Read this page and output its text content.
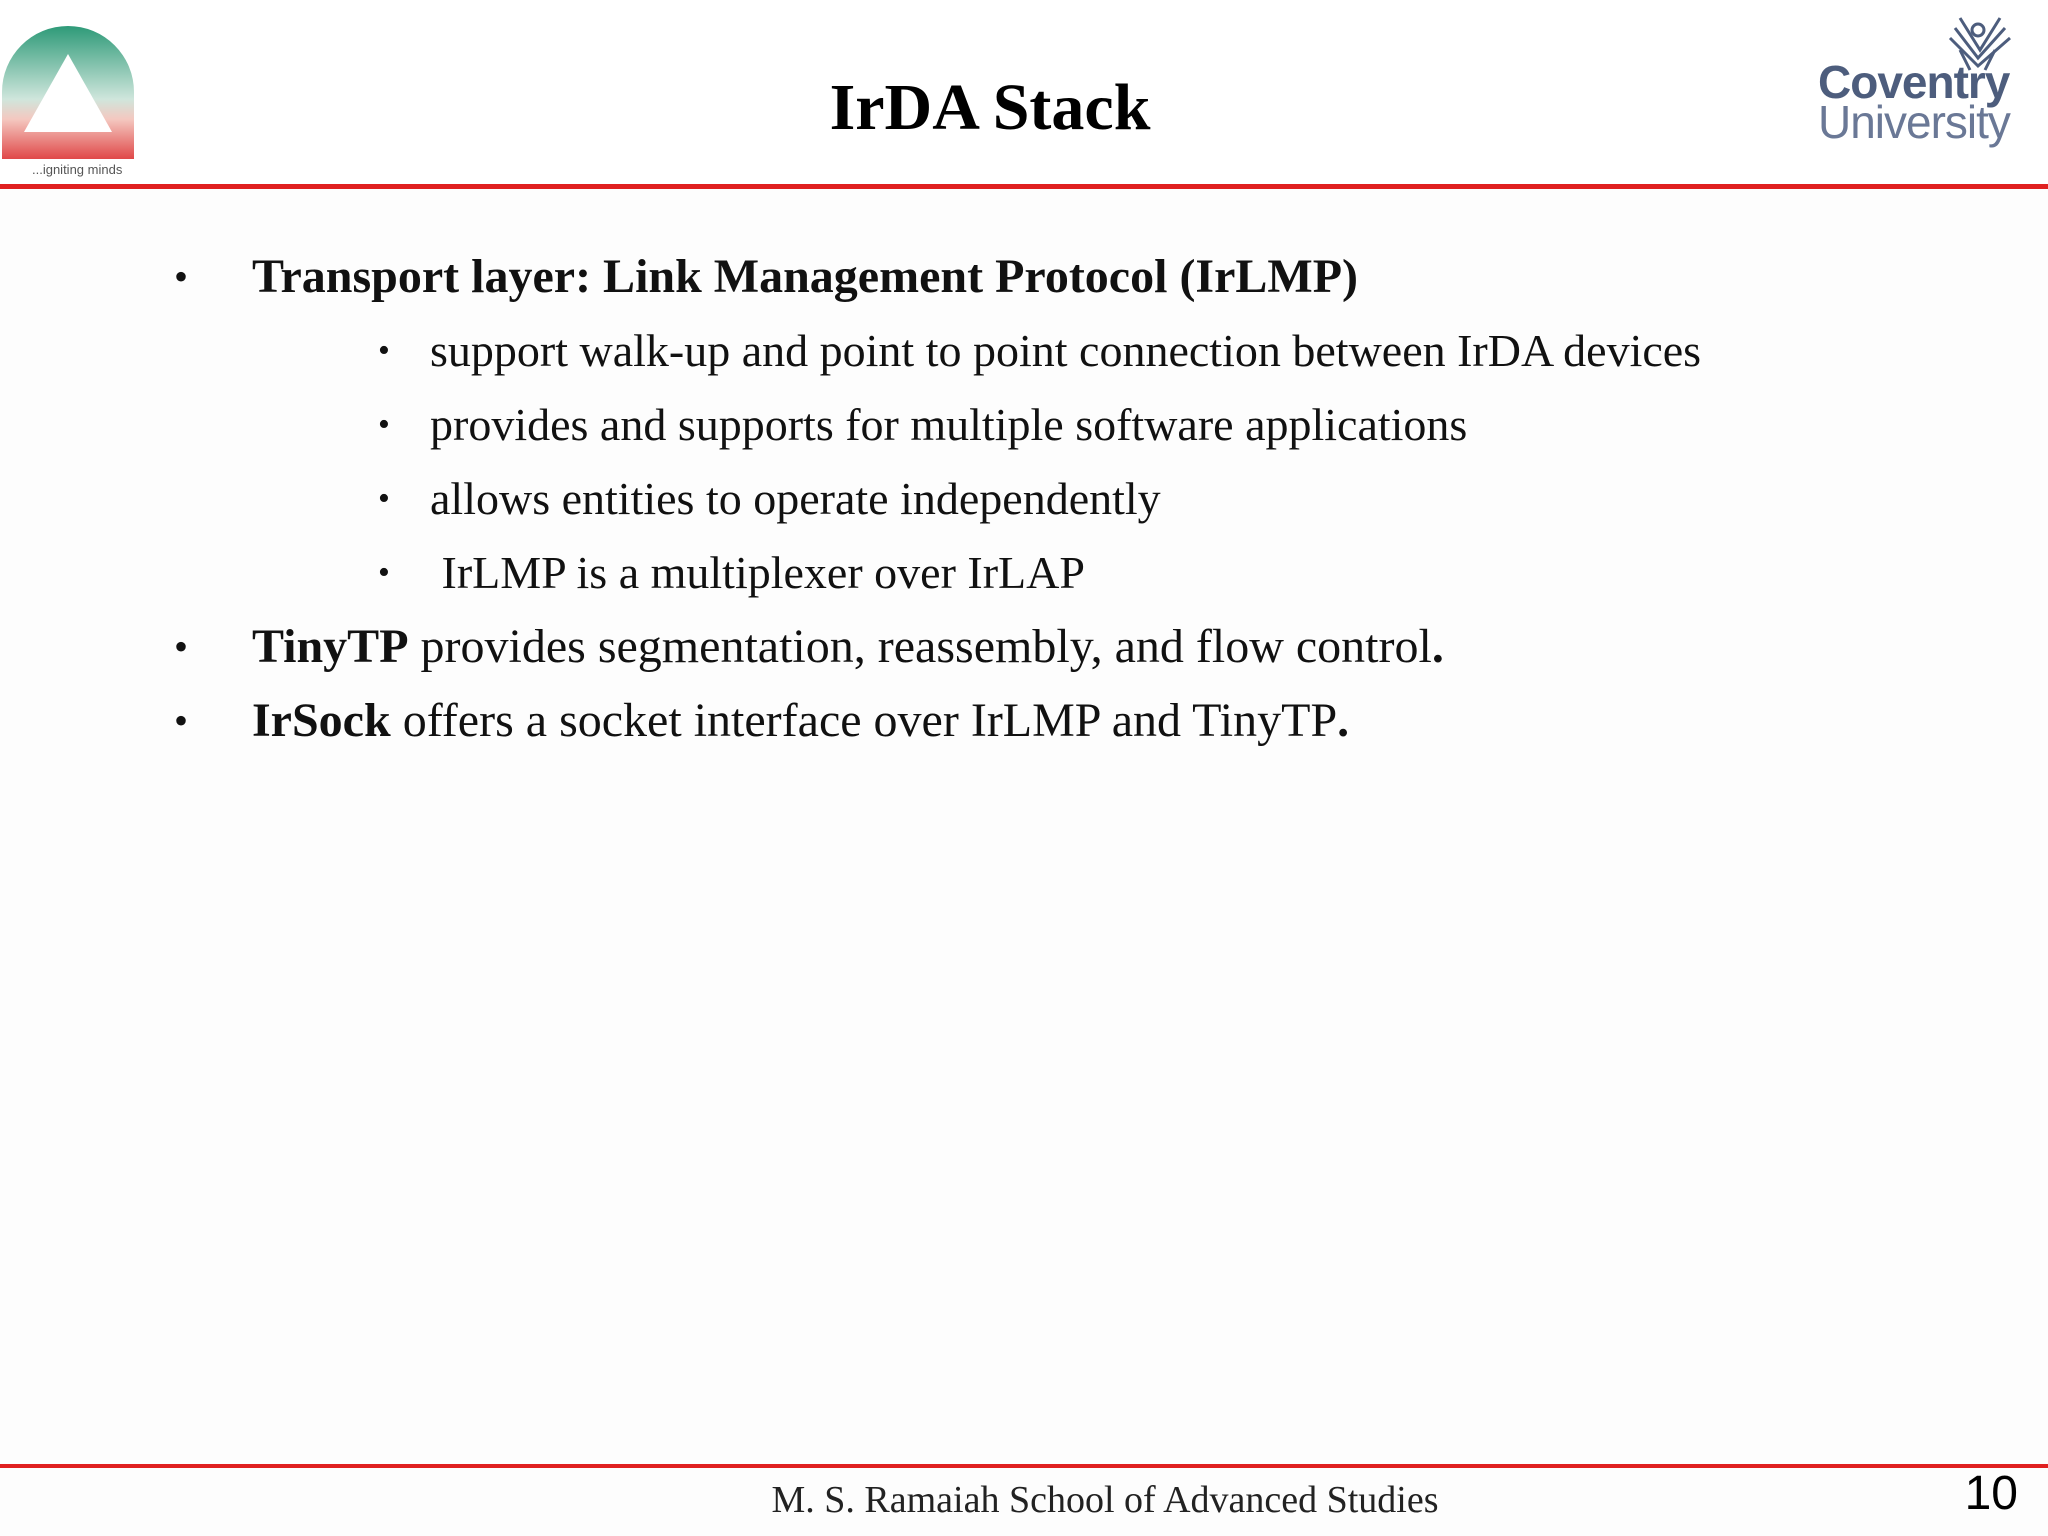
...igniting minds
IrDA Stack	Coventry
University
• Transport layer: Link Management Protocol (IrLMP)
• support walk-up and point to point connection between IrDA devices
• provides and supports for multiple software applications
• allows entities to operate independently
• IrLMP is a multiplexer over IrLAP
• TinyTP provides segmentation, reassembly, and flow control.
• IrSock offers a socket interface over IrLMP and TinyTP.
M. S. Ramaiah School of Advanced Studies	10
